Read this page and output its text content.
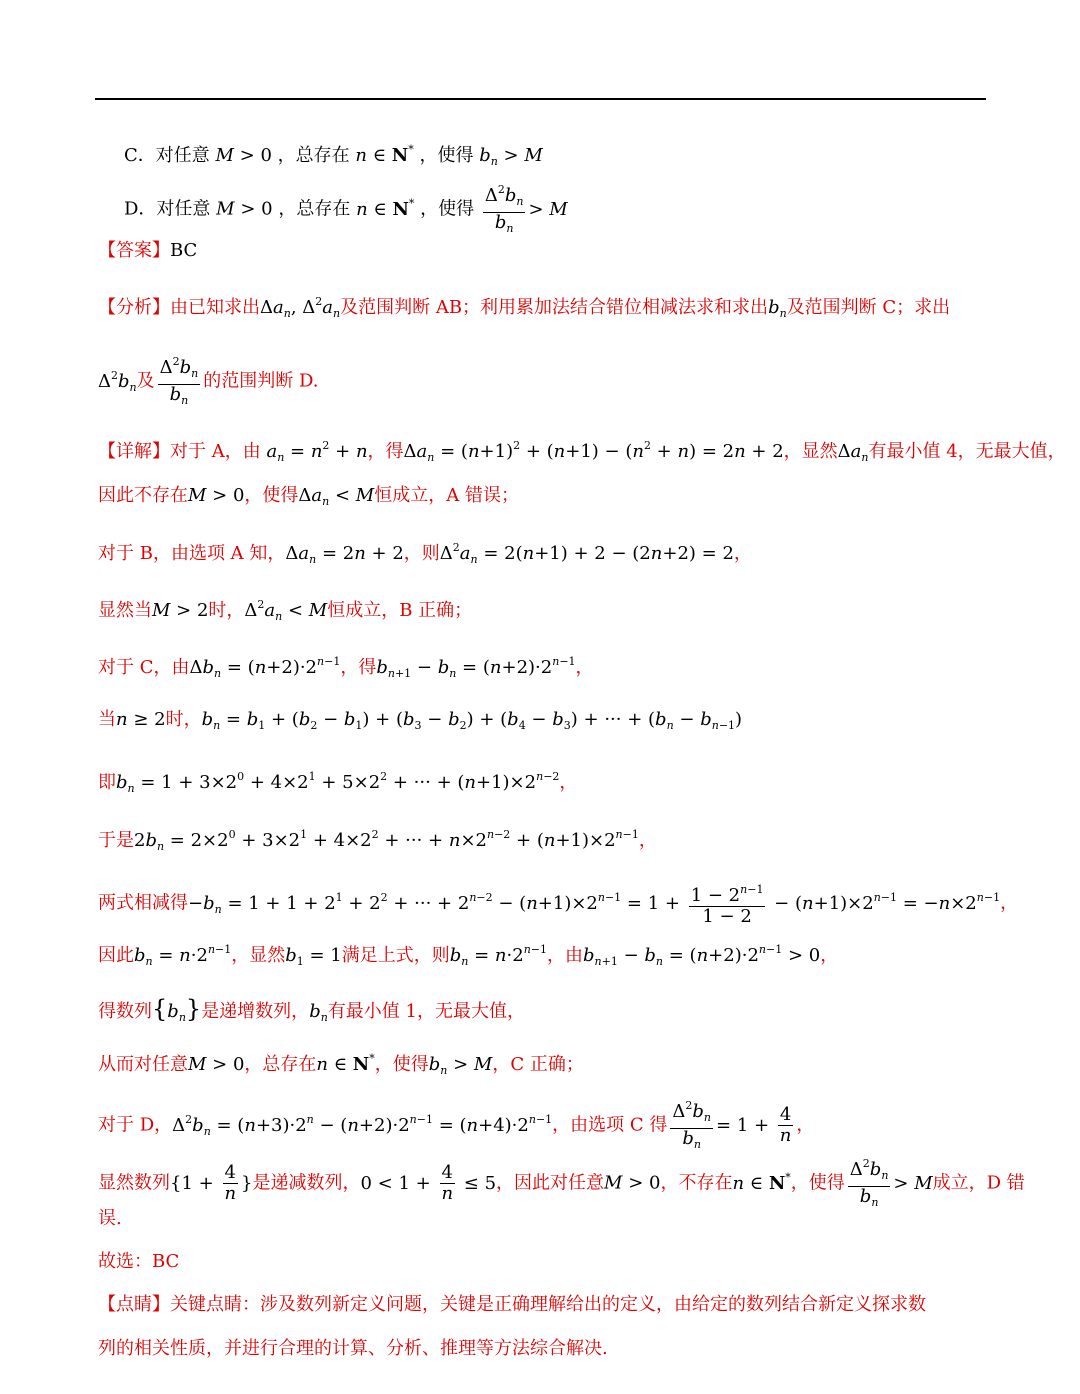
C．对任意 M > 0 ，总存在 n ∈ N* ，使得 $b_n > M$
D．对任意 M > 0 ，总存在 n ∈ N* ，使得 $\frac{\Delta^2b_n}{b_n} > M$
【答案】BC
【分析】由已知求出$\Delta a_n$, $\Delta^2a_n$及范围判断 AB；利用累加法结合错位相减法求和求出$b_n$及范围判断 C；求出
$\Delta^2b_n$及 $\frac{\Delta^2b_n}{b_n}$ 的范围判断 D.
【详解】对于 A，由 $a_n = n^2 + n$，得$\Delta a_n = (n+1)^2 + (n+1) - (n^2 + n) = 2n + 2$，显然$\Delta a_n$有最小值 4，无最大值，
因此不存在M > 0，使得$\Delta a_n < M$恒成立，A 错误；
对于 B，由选项 A 知，$\Delta a_n = 2n + 2$，则$\Delta^2a_n = 2(n+1) + 2 - (2n+2) = 2$，
显然当M > 2时，$\Delta^2a_n < M$恒成立，B 正确；
对于 C，由$\Delta b_n = (n+2)\cdot 2^{n-1}$，得$b_{n+1} - b_n = (n+2)\cdot 2^{n-1}$，
当n ≥ 2时，$b_n = b_1 + (b_2 - b_1) + (b_3 - b_2) + (b_4 - b_3)$ + ··· + $(b_n - b_{n-1})$
即$b_n = 1 + 3\times 2^0 + 4\times 2^1 + 5\times 2^2$ + ··· + $(n+1)\times 2^{n-2}$，
于是$2b_n = 2\times 2^0 + 3\times 2^1 + 4\times 2^2$ + ··· + $n\times 2^{n-2} + (n+1)\times 2^{n-1}$，
两式相减得$-b_n = 1 + 1 + 2^1 + 2^2$ + ··· + $2^{n-2} - (n+1)\times 2^{n-1} = 1 + \frac{1 - 2^{n-1}}{1 - 2} - (n+1)\times 2^{n-1} = -n\times 2^{n-1}$，
因此$b_n = n\cdot 2^{n-1}$，显然$b_1 = 1$满足上式，则$b_n = n\cdot 2^{n-1}$，由$b_{n+1} - b_n = (n+2)\cdot 2^{n-1} > 0$，
得数列$\{b_n\}$是递增数列，$b_n$有最小值 1，无最大值，
从而对任意M > 0，总存在n ∈ N*，使得$b_n > M$，C 正确；
对于 D，$\Delta^2b_n = (n+3)\cdot 2^n - (n+2)\cdot 2^{n-1} = (n+4)\cdot 2^{n-1}$，由选项 C 得 $\frac{\Delta^2b_n}{b_n} = 1 + \frac{4}{n}$ ，
显然数列{$1 + \frac{4}{n}$ }是递减数列，$0 < 1 + \frac{4}{n} \le 5$，因此对任意M > 0，不存在n ∈ N*，使得 $\frac{\Delta^2b_n}{b_n} > M$成立，D 错
误.
故选：BC
【点睛】关键点睛：涉及数列新定义问题，关键是正确理解给出的定义，由给定的数列结合新定义探求数
列的相关性质，并进行合理的计算、分析、推理等方法综合解决.
